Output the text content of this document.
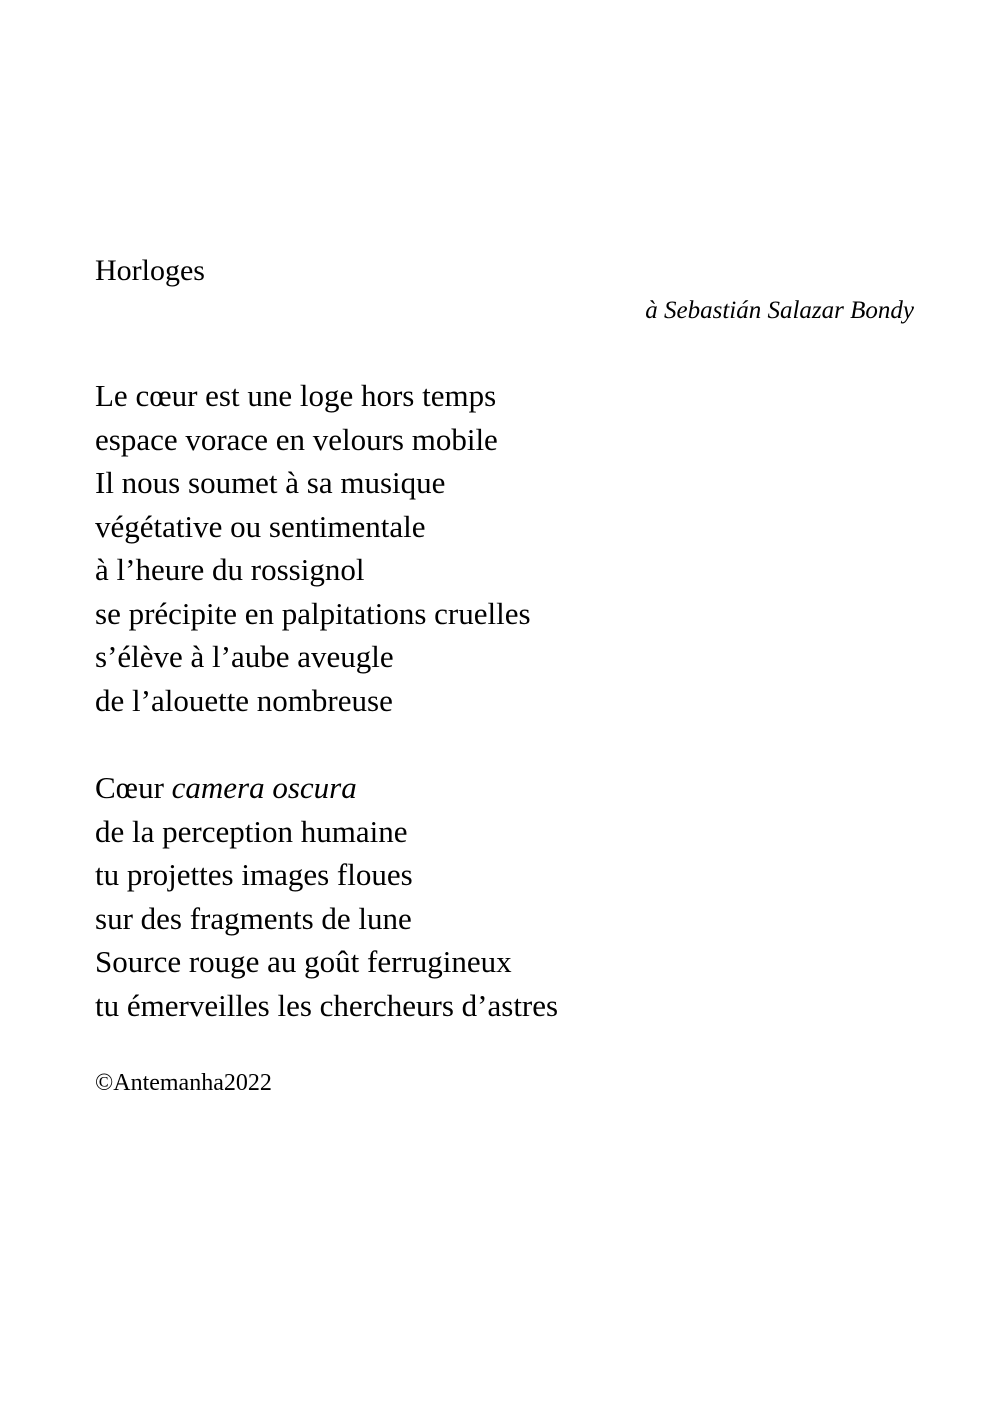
Horloges

à Sebastián Salazar Bondy

Le cœur est une loge hors temps
espace vorace en velours mobile
Il nous soumet à sa musique
végétative ou sentimentale
à l’heure du rossignol
se précipite en palpitations cruelles
s’élève à l’aube aveugle
de l’alouette nombreuse
Cœur camera oscura
de la perception humaine
tu projettes images floues
sur des fragments de lune
Source rouge au goût ferrugineux
tu émerveilles les chercheurs d’astres

©Antemanha2022
